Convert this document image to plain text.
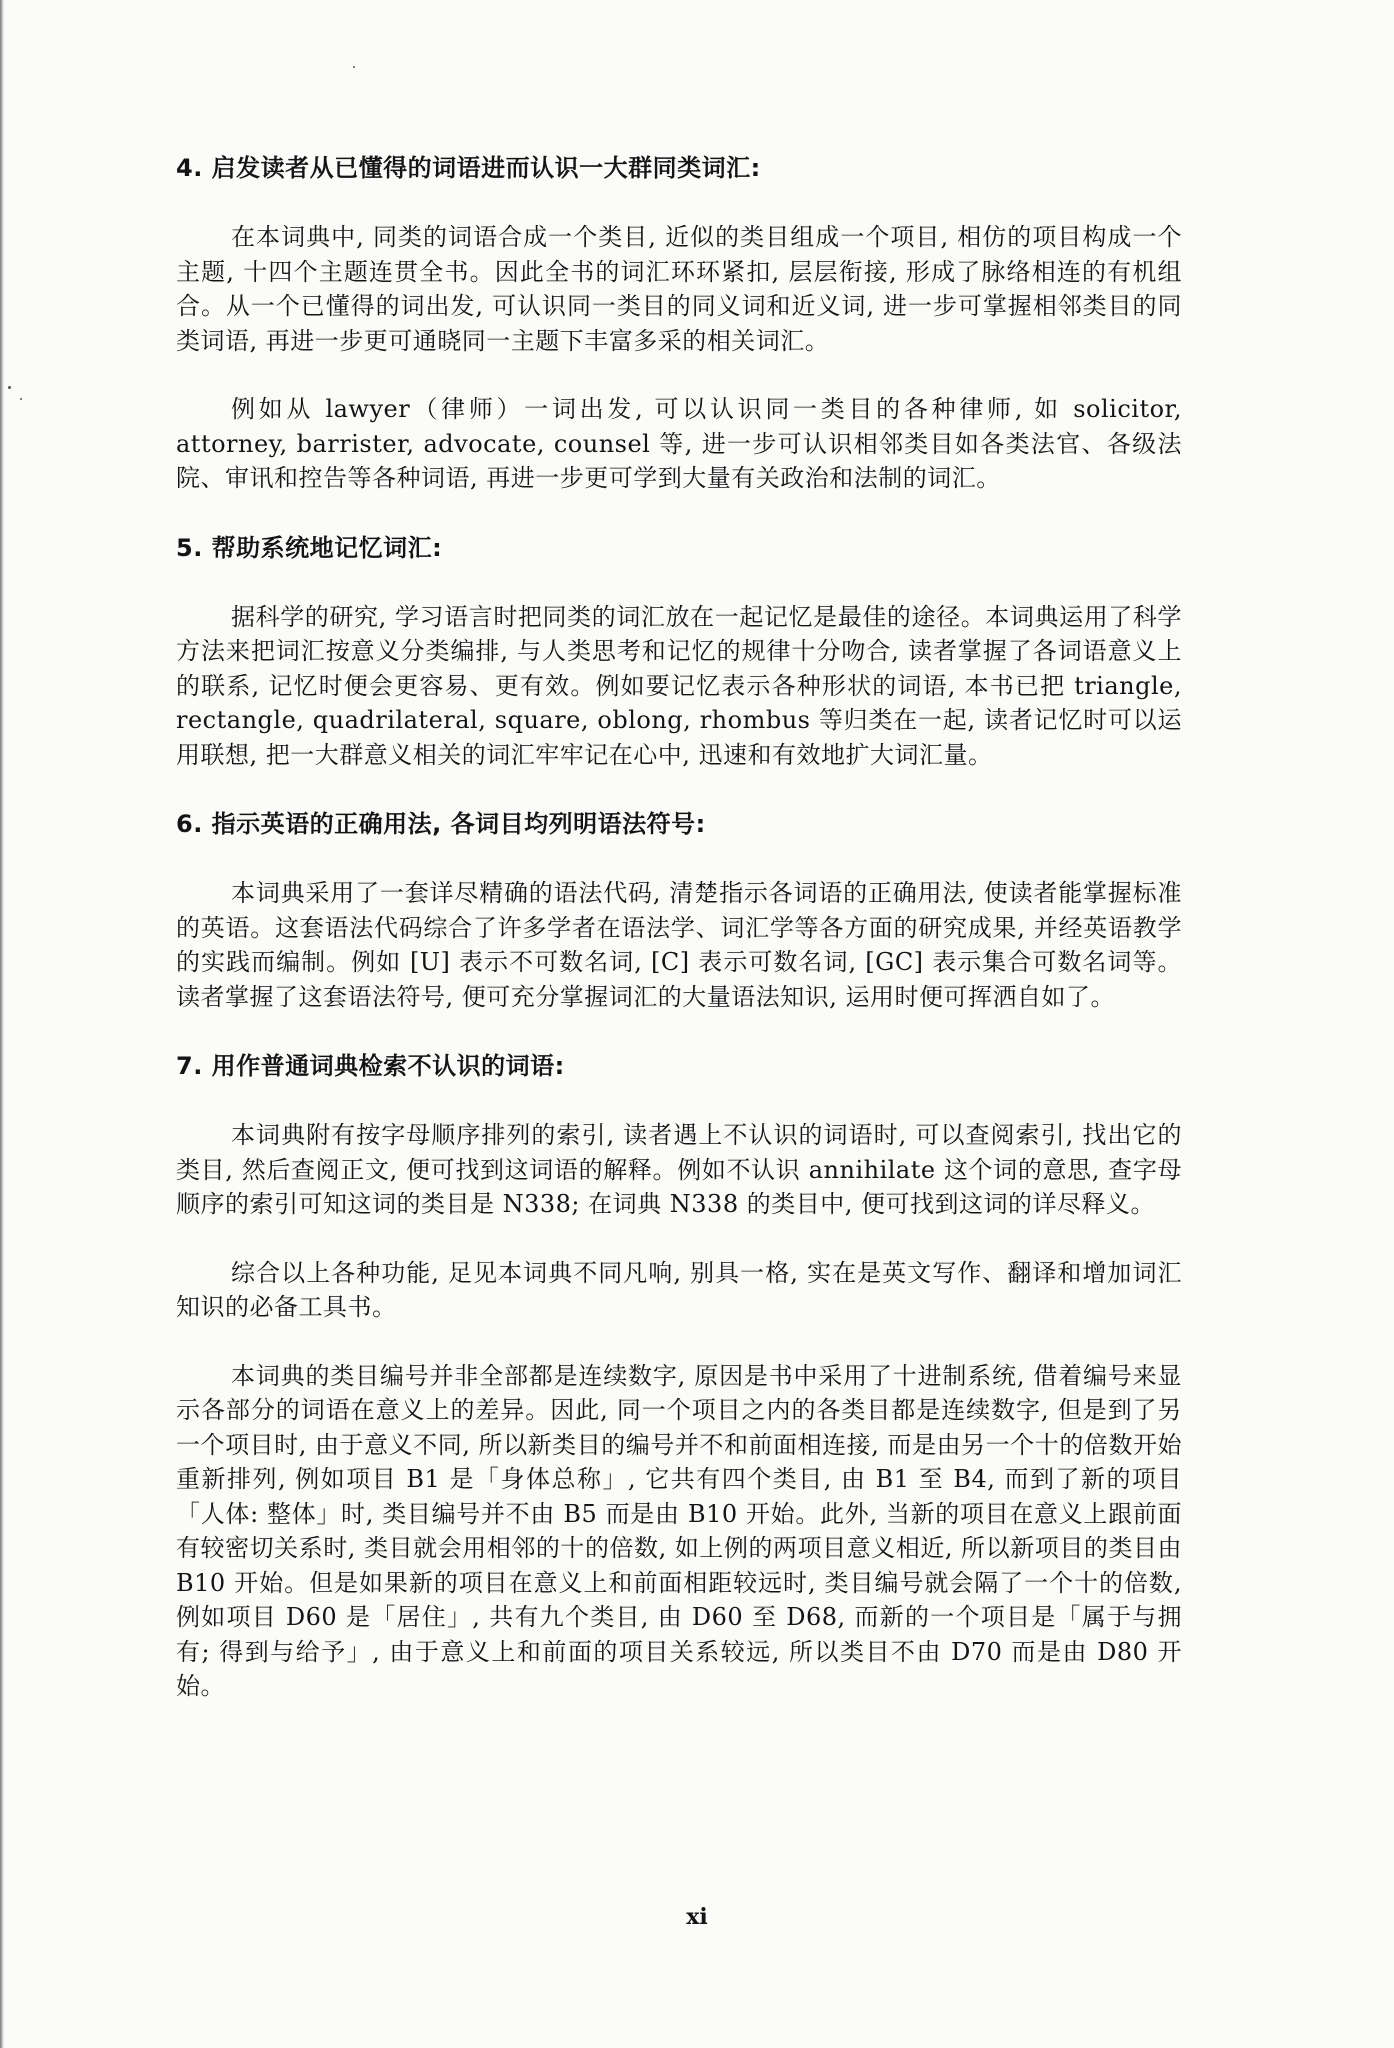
4. 启发读者从已懂得的词语进而认识一大群同类词汇:

在本词典中, 同类的词语合成一个类目, 近似的类目组成一个项目, 相仿的项目构成一个主题, 十四个主题连贯全书。因此全书的词汇环环紧扣, 层层衔接, 形成了脉络相连的有机组合。从一个已懂得的词出发, 可认识同一类目的同义词和近义词, 进一步可掌握相邻类目的同类词语, 再进一步更可通晓同一主题下丰富多采的相关词汇。

例如从 lawyer（律师）一词出发, 可以认识同一类目的各种律师, 如 solicitor, attorney, barrister, advocate, counsel 等, 进一步可认识相邻类目如各类法官、各级法院、审讯和控告等各种词语, 再进一步更可学到大量有关政治和法制的词汇。

5. 帮助系统地记忆词汇:

据科学的研究, 学习语言时把同类的词汇放在一起记忆是最佳的途径。本词典运用了科学方法来把词汇按意义分类编排, 与人类思考和记忆的规律十分吻合, 读者掌握了各词语意义上的联系, 记忆时便会更容易、更有效。例如要记忆表示各种形状的词语, 本书已把 triangle, rectangle, quadrilateral, square, oblong, rhombus 等归类在一起, 读者记忆时可以运用联想, 把一大群意义相关的词汇牢牢记在心中, 迅速和有效地扩大词汇量。

6. 指示英语的正确用法, 各词目均列明语法符号:

本词典采用了一套详尽精确的语法代码, 清楚指示各词语的正确用法, 使读者能掌握标准的英语。这套语法代码综合了许多学者在语法学、词汇学等各方面的研究成果, 并经英语教学的实践而编制。例如 [U] 表示不可数名词, [C] 表示可数名词, [GC] 表示集合可数名词等。读者掌握了这套语法符号, 便可充分掌握词汇的大量语法知识, 运用时便可挥洒自如了。

7. 用作普通词典检索不认识的词语:

本词典附有按字母顺序排列的索引, 读者遇上不认识的词语时, 可以查阅索引, 找出它的类目, 然后查阅正文, 便可找到这词语的解释。例如不认识 annihilate 这个词的意思, 查字母顺序的索引可知这词的类目是 N338; 在词典 N338 的类目中, 便可找到这词的详尽释义。

综合以上各种功能, 足见本词典不同凡响, 别具一格, 实在是英文写作、翻译和增加词汇知识的必备工具书。

本词典的类目编号并非全部都是连续数字, 原因是书中采用了十进制系统, 借着编号来显示各部分的词语在意义上的差异。因此, 同一个项目之内的各类目都是连续数字, 但是到了另一个项目时, 由于意义不同, 所以新类目的编号并不和前面相连接, 而是由另一个十的倍数开始重新排列, 例如项目 B1 是「身体总称」, 它共有四个类目, 由 B1 至 B4, 而到了新的项目「人体: 整体」时, 类目编号并不由 B5 而是由 B10 开始。此外, 当新的项目在意义上跟前面有较密切关系时, 类目就会用相邻的十的倍数, 如上例的两项目意义相近, 所以新项目的类目由 B10 开始。但是如果新的项目在意义上和前面相距较远时, 类目编号就会隔了一个十的倍数, 例如项目 D60 是「居住」, 共有九个类目, 由 D60 至 D68, 而新的一个项目是「属于与拥有; 得到与给予」, 由于意义上和前面的项目关系较远, 所以类目不由 D70 而是由 D80 开始。

xi
